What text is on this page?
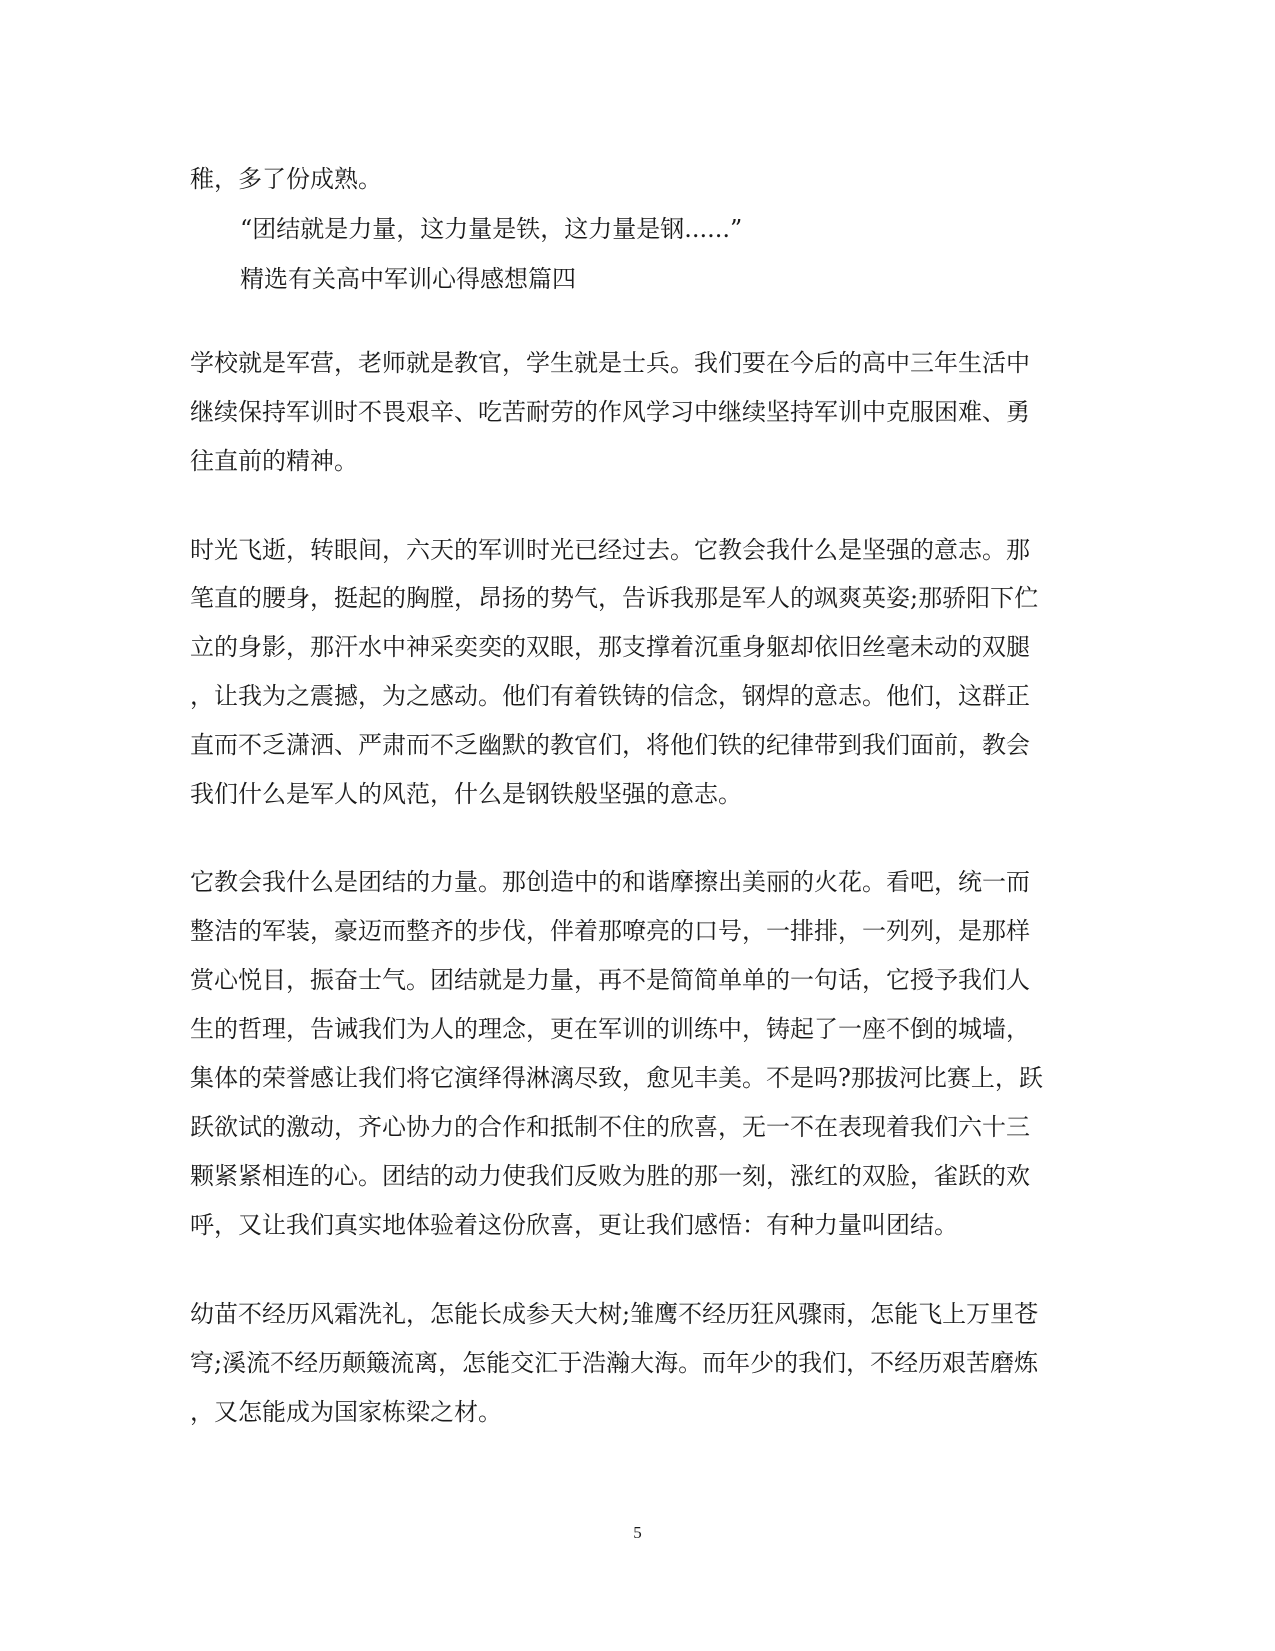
稚，多了份成熟。
“团结就是力量，这力量是铁，这力量是钢......”
精选有关高中军训心得感想篇四
学校就是军营，老师就是教官，学生就是士兵。我们要在今后的高中三年生活中
继续保持军训时不畏艰辛、吃苦耐劳的作风学习中继续坚持军训中克服困难、勇
往直前的精神。
时光飞逝，转眼间，六天的军训时光已经过去。它教会我什么是坚强的意志。那
笔直的腰身，挺起的胸膛，昂扬的势气，告诉我那是军人的飒爽英姿;那骄阳下伫
立的身影，那汗水中神采奕奕的双眼，那支撑着沉重身躯却依旧丝毫未动的双腿
，让我为之震撼，为之感动。他们有着铁铸的信念，钢焊的意志。他们，这群正
直而不乏潇洒、严肃而不乏幽默的教官们，将他们铁的纪律带到我们面前，教会
我们什么是军人的风范，什么是钢铁般坚强的意志。
它教会我什么是团结的力量。那创造中的和谐摩擦出美丽的火花。看吧，统一而
整洁的军装，豪迈而整齐的步伐，伴着那嘹亮的口号，一排排，一列列，是那样
赏心悦目，振奋士气。团结就是力量，再不是简简单单的一句话，它授予我们人
生的哲理，告诫我们为人的理念，更在军训的训练中，铸起了一座不倒的城墙，
集体的荣誉感让我们将它演绎得淋漓尽致，愈见丰美。不是吗?那拔河比赛上，跃
跃欲试的激动，齐心协力的合作和抵制不住的欣喜，无一不在表现着我们六十三
颗紧紧相连的心。团结的动力使我们反败为胜的那一刻，涨红的双脸，雀跃的欢
呼，又让我们真实地体验着这份欣喜，更让我们感悟：有种力量叫团结。
幼苗不经历风霜洗礼，怎能长成参天大树;雏鹰不经历狂风骤雨，怎能飞上万里苍
穹;溪流不经历颠簸流离，怎能交汇于浩瀚大海。而年少的我们，不经历艰苦磨炼
，又怎能成为国家栋梁之材。
5
